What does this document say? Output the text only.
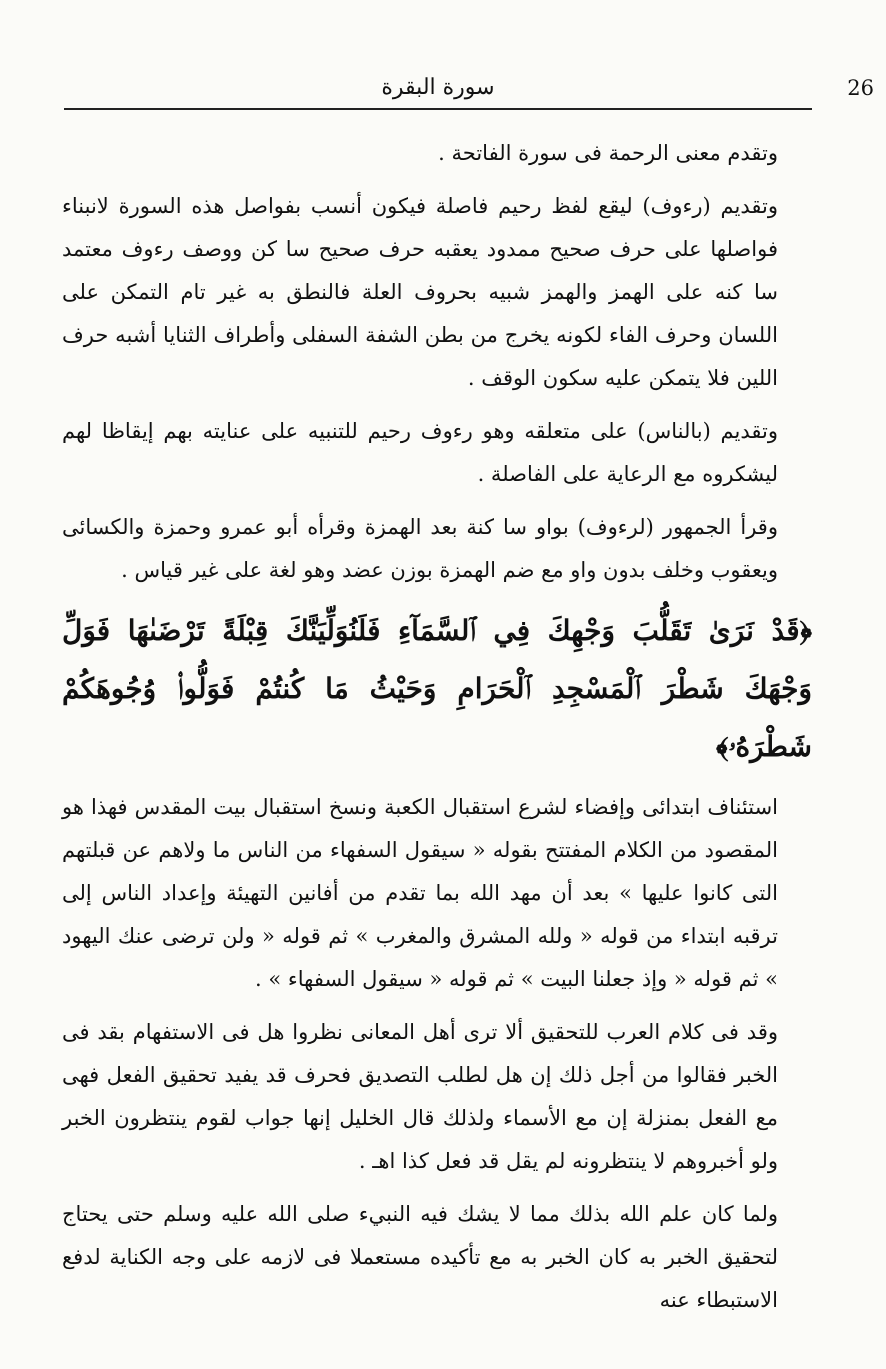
26
سورة البقرة

وتقدم معنى الرحمة فى سورة الفاتحة .

وتقديم (رءوف) ليقع لفظ رحيم فاصلة فيكون أنسب بفواصل هذه السورة لانبناء فواصلها على حرف صحيح ممدود يعقبه حرف صحيح سا كن ووصف رءوف معتمد سا كنه على الهمز والهمز شبيه بحروف العلة فالنطق به غير تام التمكن على اللسان وحرف الفاء لكونه يخرج من بطن الشفة السفلى وأطراف الثنايا أشبه حرف اللين فلا يتمكن عليه سكون الوقف .

وتقديم (بالناس) على متعلقه وهو رءوف رحيم للتنبيه على عنايته بهم إيقاظا لهم ليشكروه مع الرعاية على الفاصلة .

وقرأ الجمهور (لرءوف) بواو سا كنة بعد الهمزة وقرأه أبو عمرو وحمزة والكسائى ويعقوب وخلف بدون واو مع ضم الهمزة بوزن عضد وهو لغة على غير قياس .

﴿قَدْ نَرَىٰ تَقَلُّبَ وَجْهِكَ فِي ٱلسَّمَآءِ فَلَنُوَلِّيَنَّكَ قِبْلَةً تَرْضَىٰهَا فَوَلِّ وَجْهَكَ شَطْرَ ٱلْمَسْجِدِ ٱلْحَرَامِ وَحَيْثُ مَا كُنتُمْ فَوَلُّوا۟ وُجُوهَكُمْ شَطْرَهُۥ﴾

استئناف ابتدائى وإفضاء لشرع استقبال الكعبة ونسخ استقبال بيت المقدس فهذا هو المقصود من الكلام المفتتح بقوله « سيقول السفهاء من الناس ما ولاهم عن قبلتهم التى كانوا عليها » بعد أن مهد الله بما تقدم من أفانين التهيئة وإعداد الناس إلى ترقبه ابتداء من قوله « ولله المشرق والمغرب » ثم قوله « ولن ترضى عنك اليهود » ثم قوله « وإذ جعلنا البيت » ثم قوله « سيقول السفهاء » .

وقد فى كلام العرب للتحقيق ألا ترى أهل المعانى نظروا هل فى الاستفهام بقد فى الخبر فقالوا من أجل ذلك إن هل لطلب التصديق فحرف قد يفيد تحقيق الفعل فهى مع الفعل بمنزلة إن مع الأسماء ولذلك قال الخليل إنها جواب لقوم ينتظرون الخبر ولو أخبروهم لا ينتظرونه لم يقل قد فعل كذا اهـ .

ولما كان علم الله بذلك مما لا يشك فيه النبيء صلى الله عليه وسلم حتى يحتاج لتحقيق الخبر به كان الخبر به مع تأكيده مستعملا فى لازمه على وجه الكناية لدفع الاستبطاء عنه
